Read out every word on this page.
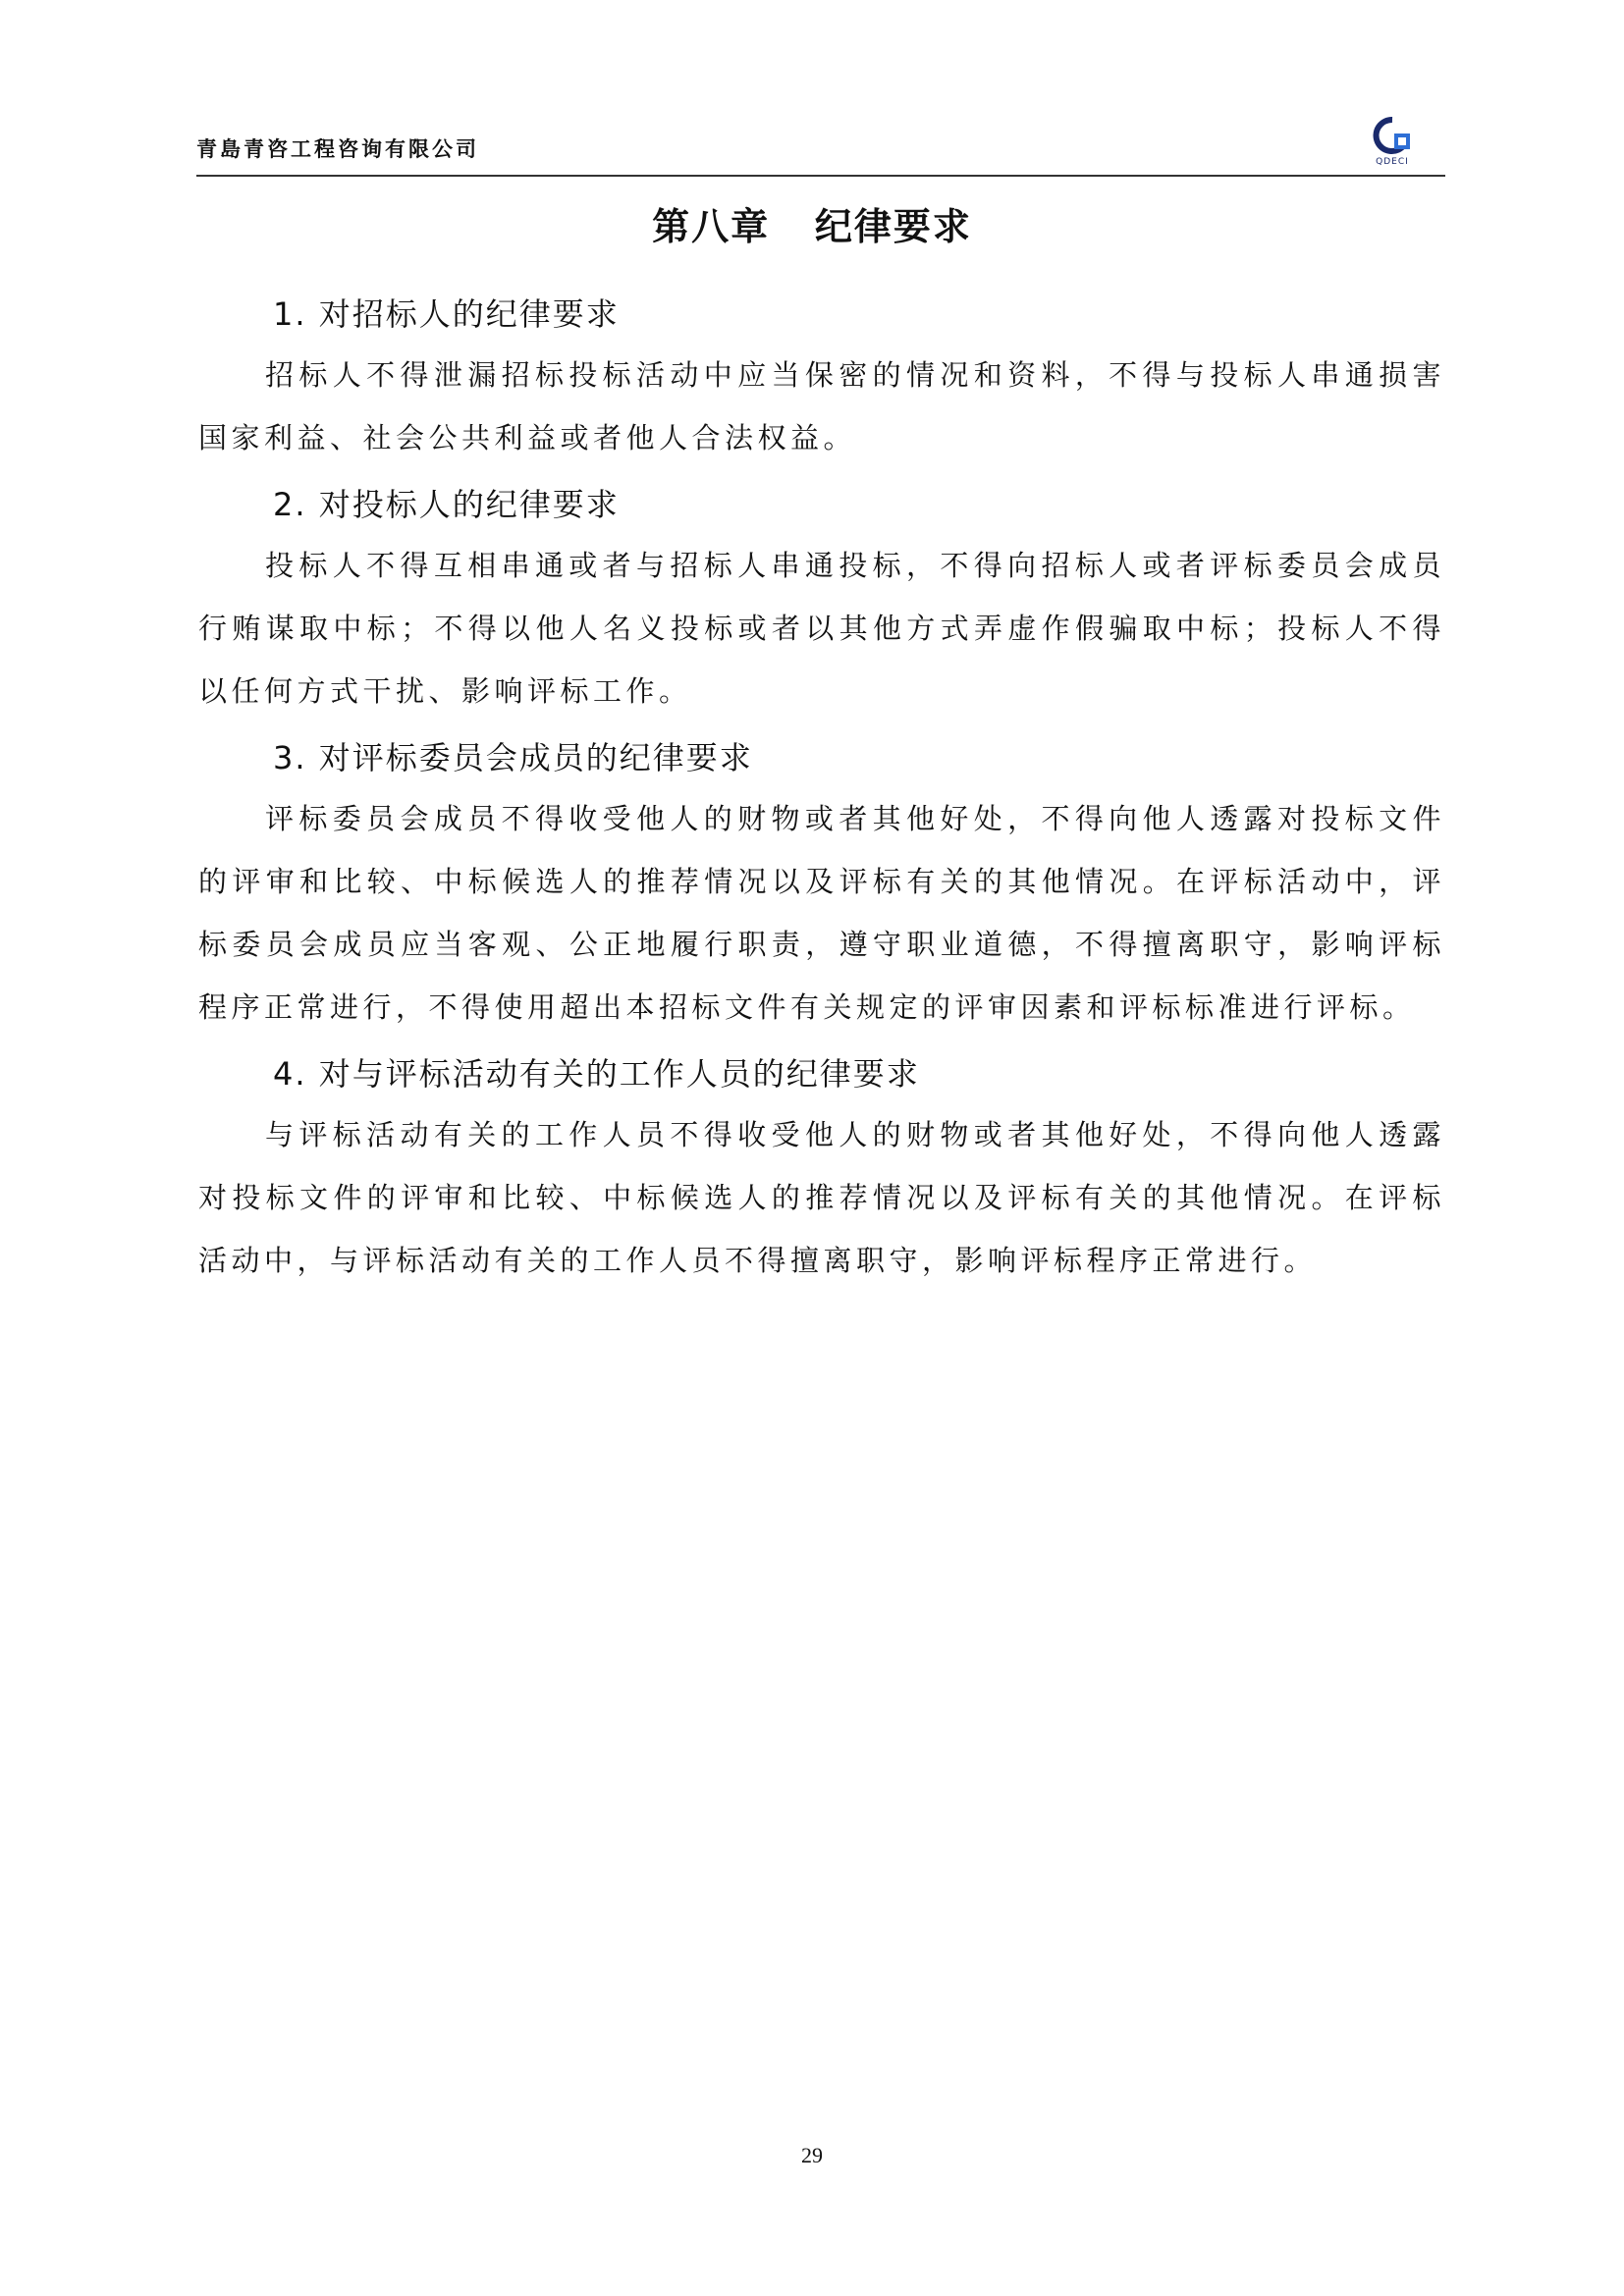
青島青咨工程咨询有限公司
QDECI
第八章   纪律要求
1. 对招标人的纪律要求

招标人不得泄漏招标投标活动中应当保密的情况和资料，不得与投标人串通损害国家利益、社会公共利益或者他人合法权益。

2. 对投标人的纪律要求

投标人不得互相串通或者与招标人串通投标，不得向招标人或者评标委员会成员行贿谋取中标；不得以他人名义投标或者以其他方式弄虚作假骗取中标；投标人不得以任何方式干扰、影响评标工作。

3. 对评标委员会成员的纪律要求

评标委员会成员不得收受他人的财物或者其他好处，不得向他人透露对投标文件的评审和比较、中标候选人的推荐情况以及评标有关的其他情况。在评标活动中，评标委员会成员应当客观、公正地履行职责，遵守职业道德，不得擅离职守，影响评标程序正常进行，不得使用超出本招标文件有关规定的评审因素和评标标准进行评标。

4. 对与评标活动有关的工作人员的纪律要求

与评标活动有关的工作人员不得收受他人的财物或者其他好处，不得向他人透露对投标文件的评审和比较、中标候选人的推荐情况以及评标有关的其他情况。在评标活动中，与评标活动有关的工作人员不得擅离职守，影响评标程序正常进行。

29
